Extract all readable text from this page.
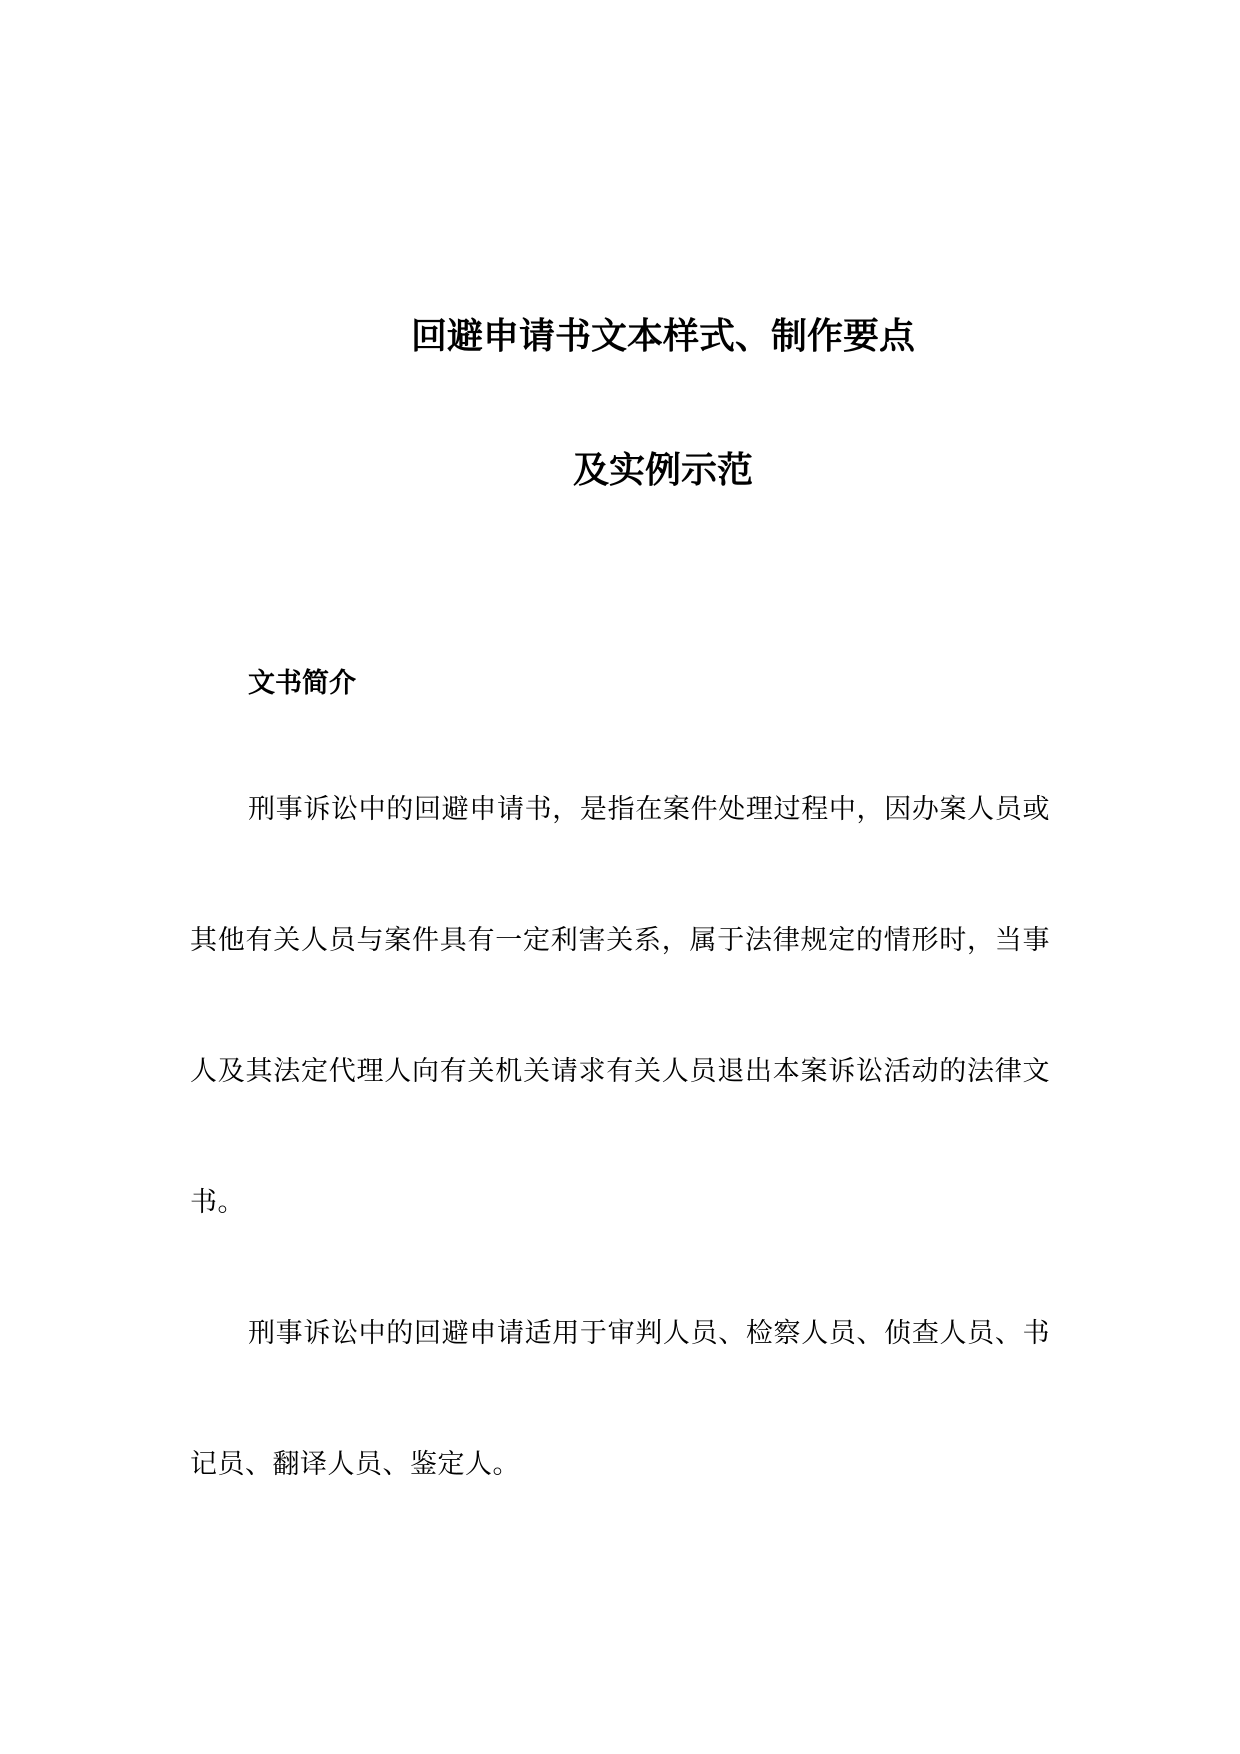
回避申请书文本样式、制作要点
及实例示范
文书简介

刑事诉讼中的回避申请书，是指在案件处理过程中，因办案人员或其他有关人员与案件具有一定利害关系，属于法律规定的情形时，当事人及其法定代理人向有关机关请求有关人员退出本案诉讼活动的法律文书。

刑事诉讼中的回避申请适用于审判人员、检察人员、侦查人员、书记员、翻译人员、鉴定人。
